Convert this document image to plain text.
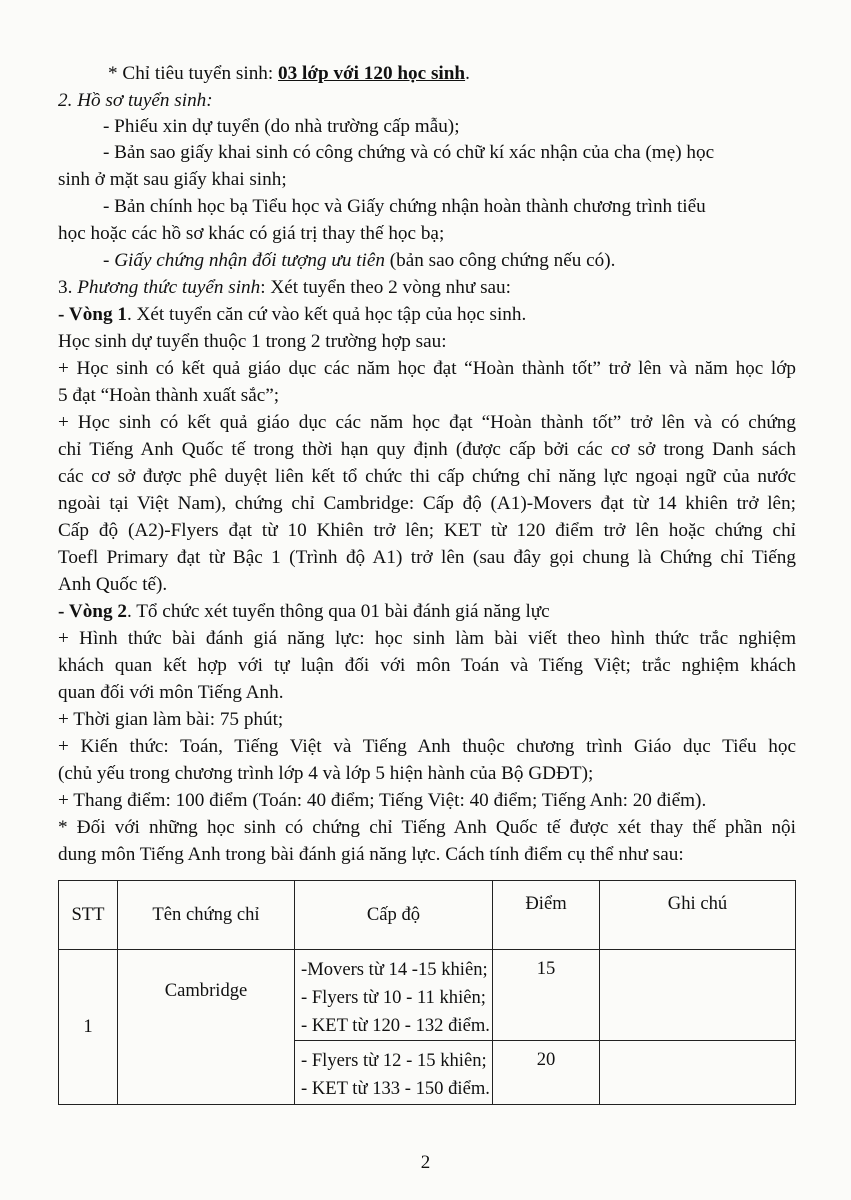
* Chỉ tiêu tuyển sinh: 03 lớp với 120 học sinh.
2. Hồ sơ tuyển sinh:
- Phiếu xin dự tuyển (do nhà trường cấp mẫu);
- Bản sao giấy khai sinh có công chứng và có chữ kí xác nhận của cha (mẹ) học
sinh ở mặt sau giấy khai sinh;
- Bản chính học bạ Tiểu học và Giấy chứng nhận hoàn thành chương trình tiểu
học hoặc các hồ sơ khác có giá trị thay thế học bạ;
- Giấy chứng nhận đối tượng ưu tiên (bản sao công chứng nếu có).
3. Phương thức tuyển sinh: Xét tuyển theo 2 vòng như sau:
- Vòng 1. Xét tuyển căn cứ vào kết quả học tập của học sinh.
Học sinh dự tuyển thuộc 1 trong 2 trường hợp sau:
+ Học sinh có kết quả giáo dục các năm học đạt “Hoàn thành tốt” trở lên và năm học lớp
5 đạt “Hoàn thành xuất sắc”;
+ Học sinh có kết quả giáo dục các năm học đạt “Hoàn thành tốt” trở lên và có chứng
chỉ Tiếng Anh Quốc tế trong thời hạn quy định (được cấp bởi các cơ sở trong Danh sách
các cơ sở được phê duyệt liên kết tổ chức thi cấp chứng chỉ năng lực ngoại ngữ của nước
ngoài tại Việt Nam), chứng chỉ Cambridge: Cấp độ (A1)-Movers đạt từ 14 khiên trở lên;
Cấp độ (A2)-Flyers đạt từ 10 Khiên trở lên; KET từ 120 điểm trở lên hoặc chứng chỉ
Toefl Primary đạt từ Bậc 1 (Trình độ A1) trở lên (sau đây gọi chung là Chứng chỉ Tiếng
Anh Quốc tế).
- Vòng 2. Tổ chức xét tuyển thông qua 01 bài đánh giá năng lực
+ Hình thức bài đánh giá năng lực: học sinh làm bài viết theo hình thức trắc nghiệm
khách quan kết hợp với tự luận đối với môn Toán và Tiếng Việt; trắc nghiệm khách
quan đối với môn Tiếng Anh.
+ Thời gian làm bài: 75 phút;
+ Kiến thức: Toán, Tiếng Việt và Tiếng Anh thuộc chương trình Giáo dục Tiểu học
(chủ yếu trong chương trình lớp 4 và lớp 5 hiện hành của Bộ GDĐT);
+ Thang điểm: 100 điểm (Toán: 40 điểm; Tiếng Việt: 40 điểm; Tiếng Anh: 20 điểm).
* Đối với những học sinh có chứng chỉ Tiếng Anh Quốc tế được xét thay thế phần nội
dung môn Tiếng Anh trong bài đánh giá năng lực. Cách tính điểm cụ thể như sau:
STT	Tên chứng chỉ	Cấp độ	Điểm	Ghi chú
1	Cambridge	-Movers từ 14 -15 khiên;
- Flyers từ 10 - 11 khiên;
- KET từ 120 - 132 điểm.	15	

		- Flyers từ 12 - 15 khiên;
- KET từ 133 - 150 điểm.	20	
2
